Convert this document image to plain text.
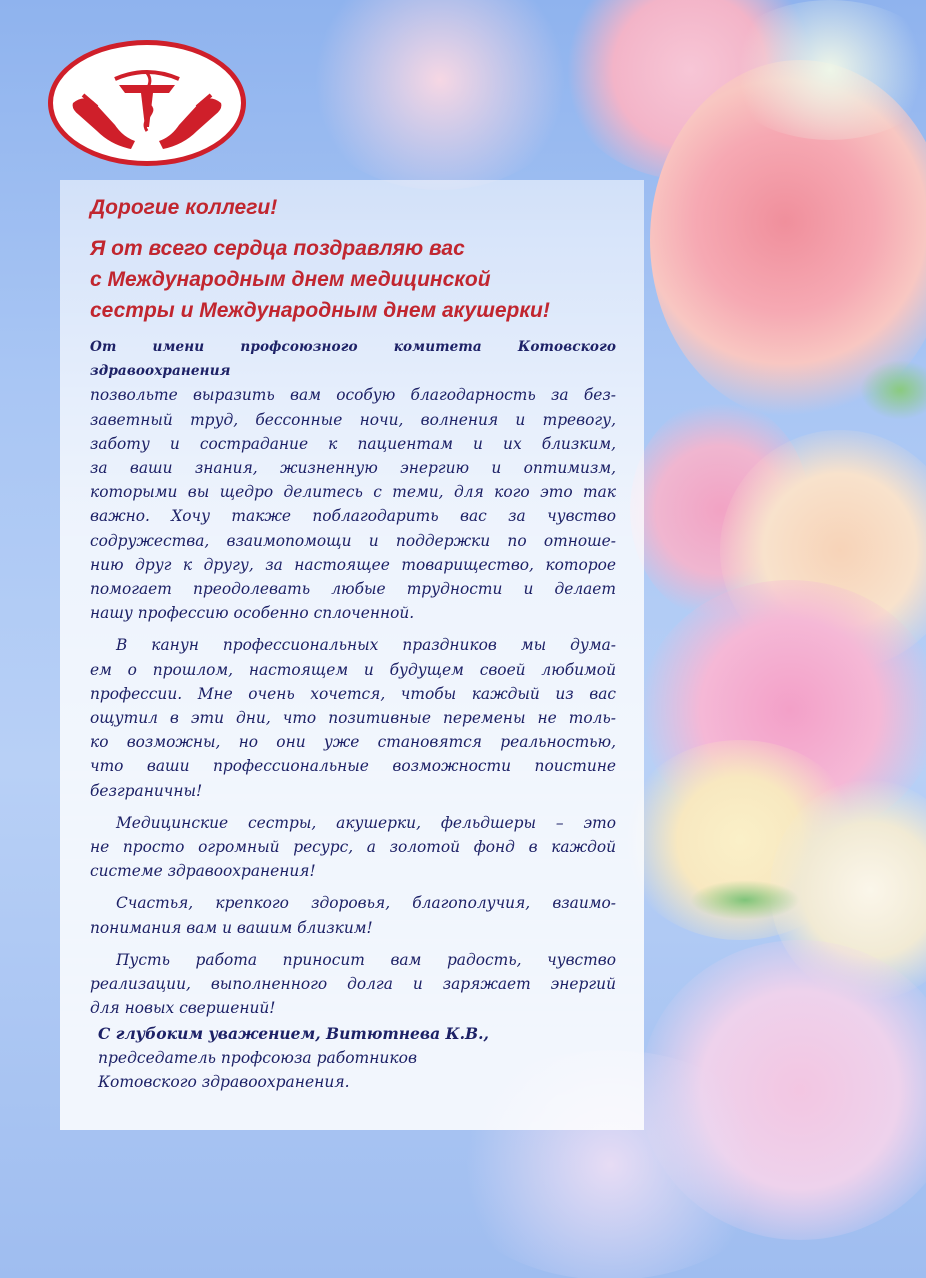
Дорогие коллеги!
Я от всего сердца поздравляю вас
с Международным днем медицинской
сестры и Международным днем акушерки!
От имени профсоюзного комитета Котовского здравоохранения
позвольте выразить вам особую благодарность за без-
заветный труд, бессонные ночи, волнения и тревогу,
заботу и сострадание к пациентам и их близким,
за ваши знания, жизненную энергию и оптимизм,
которыми вы щедро делитесь с теми, для кого это так
важно. Хочу также поблагодарить вас за чувство
содружества, взаимопомощи и поддержки по отноше-
нию друг к другу, за настоящее товарищество, которое
помогает преодолевать любые трудности и делает
нашу профессию особенно сплоченной.
В канун профессиональных праздников мы дума-
ем о прошлом, настоящем и будущем своей любимой
профессии. Мне очень хочется, чтобы каждый из вас
ощутил в эти дни, что позитивные перемены не толь-
ко возможны, но они уже становятся реальностью,
что ваши профессиональные возможности поистине
безграничны!
Медицинские сестры, акушерки, фельдшеры – это
не просто огромный ресурс, а золотой фонд в каждой
системе здравоохранения!
Счастья, крепкого здоровья, благополучия, взаимо-
понимания вам и вашим близким!
Пусть работа приносит вам радость, чувство
реализации, выполненного долга и заряжает энергий
для новых свершений!
С глубоким уважением, Витютнева К.В.,
председатель профсоюза работников
Котовского здравоохранения.
